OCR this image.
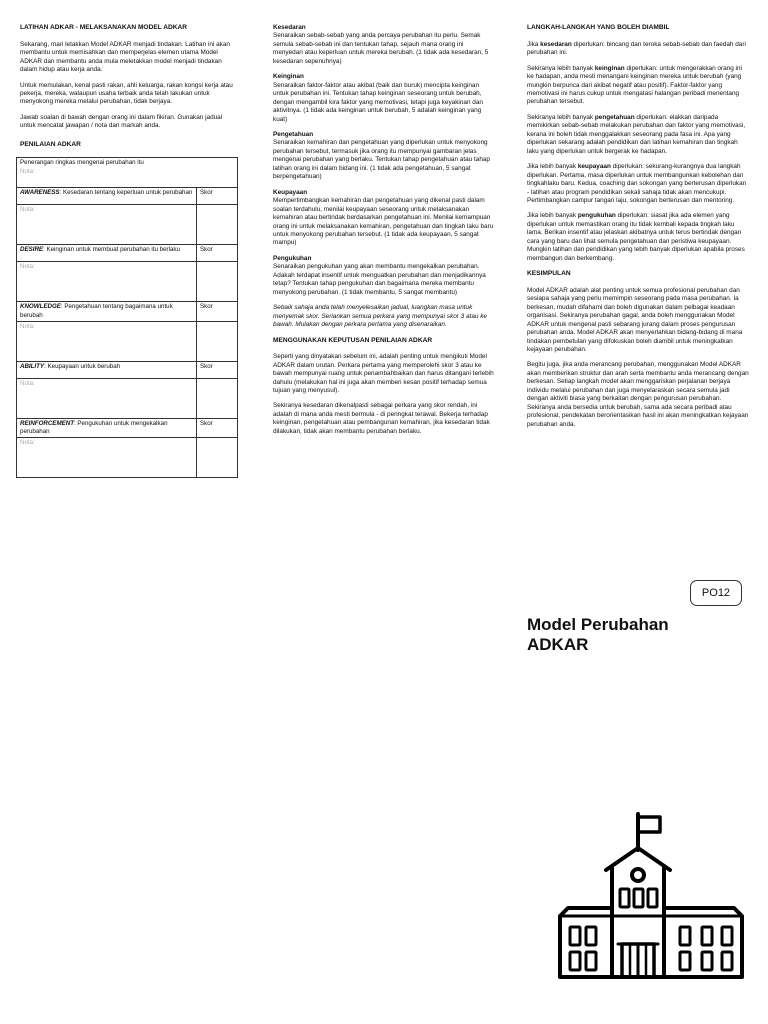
LATIHAN ADKAR - MELAKSANAKAN MODEL ADKAR

Sekarang, mari letakkan Model ADKAR menjadi tindakan. Latihan ini akan membantu untuk memisahkan dan memperjelas elemen utama Model ADKAR dan membantu anda mula meletakkan model menjadi tindakan dalam hidup atau kerja anda.

Untuk memulakan, kenal pasti rakan, ahli keluarga, rakan kongsi kerja atau pekerja, mereka, walaupun usaha terbaik anda telah lakukan untuk menyokong mereka melalui perubahan, tidak berjaya.

Jawab soalan di bawah dengan orang ini dalam fikiran. Gunakan jadual untuk mencatat jawapan / nota dan markah anda.

PENILAIAN ADKAR
Penerangan ringkas mengenai perubahan itu
Nota:	

AWARENESS: Kesedaran tentang keperluan untuk perubahan	Skor

Nota:	

DESIRE: Keinginan untuk membuat perubahan itu berlaku	Skor

Nota:	

KNOWLEDGE: Pengetahuan tentang bagaimana untuk berubah	Skor

Nota:	

ABILITY: Keupayaan untuk berubah	Skor

Nota:	

REINFORCEMENT: Pengukuhan untuk mengekalkan perubahan	Skor

Nota:	

Kesedaran

Senaraikan sebab-sebab yang anda percaya perubahan itu perlu. Semak semula sebab-sebab ini dan tentukan tahap, sejauh mana orang ini menyedari atau keperluan untuk mereka berubah. (1 tidak ada kesedaran, 5 kesedaran sepenuhnya)

Keinginan

Senaraikan faktor-faktor atau akibat (baik dan buruk) mencipta keinginan untuk perubahan ini. Tentukan tahap keinginan seseorang untuk berubah, dengan mengambil kira faktor yang memotivasi, tetapi juga keyakinan dan aktivitnya. (1 tidak ada keinginan untuk berubah, 5 adalah keinginan yang kuat)

Pengetahuan

Senaraikan kemahiran dan pengetahuan yang diperlukan untuk menyokong perubahan tersebut, termasuk jika orang itu mempunyai gambaran jelas mengenai perubahan yang berlaku. Tentukan tahap pengetahuan atau tahap latihan orang ini dalam bidang ini. (1 tidak ada pengetahuan, 5 sangat berpengetahuan)

Keupayaan

Mempertimbangkan kemahiran dan pengetahuan yang dikenal pasti dalam soalan terdahulu, menilai keupayaan seseorang untuk melaksanakan kemahiran atau bertindak berdasarkan pengetahuan ini. Menilai kemampuan orang ini untuk melaksanakan kemahiran, pengetahuan dan tingkah laku baru untuk menyokong perubahan tersebut. (1 tidak ada keupayaan, 5 sangat mampu)

Pengukuhan

Senaraikan pengukuhan yang akan membantu mengekalkan perubahan. Adakah terdapat insentif untuk menguatkan perubahan dan menjadikannya tetap? Tentukan tahap pengukuhan dan bagaimana mereka membantu menyokong perubahan. (1 tidak membantu, 5 sangat membantu)

Sebaik sahaja anda telah menyelesaikan jadual, luangkan masa untuk menyemak skor. Seriankan semua perkara yang mempunyai skor 3 atau ke bawah. Mulakan dengan perkara pertama yang disenaraikan.

MENGGUNAKAN KEPUTUSAN PENILAIAN ADKAR

Seperti yang dinyatakan sebelum ini, adalah penting untuk mengikuti Model ADKAR dalam urutan. Perkara pertama yang memperolehi skor 3 atau ke bawah mempunyai ruang untuk penambahbaikan dan harus ditangani terlebih dahulu (melakukan hal ini juga akan memberi kesan positif terhadap semua tujuan yang menyusul).

Sekiranya kesedaran dikenalpasti sebagai perkara yang skor rendah, ini adalah di mana anda mesti bermula - di peringkat terawal. Bekerja terhadap keinginan, pengetahuan atau pembangunan kemahiran, jika kesedaran tidak dilakukan, tidak akan membantu perubahan berlaku.

LANGKAH-LANGKAH YANG BOLEH DIAMBIL

Jika kesedaran diperlukan: bincang dan teroka sebab-sebab dan faedah dari perubahan ini.

Sekiranya lebih banyak keinginan diperlukan: untuk mengerakkan orang ini ke hadapan, anda mesti menangani keinginan mereka untuk berubah (yang mungkin berpunca dari akibat negatif atau positif). Faktor-faktor yang memotivasi ini harus cukup untuk mengatasi halangan peribadi menentang perubahan tersebut.

Sekiranya lebih banyak pengetahuan diperlukan: elakkan daripada memikirkan sebab-sebab melakukan perubahan dan faktor yang memotivasi, kerana ini boleh tidak menggalakkan seseorang pada fasa ini. Apa yang diperlukan sekarang adalah pendidikan dan latihan kemahiran dan tingkah laku yang diperlukan untuk bergerak ke hadapan.

Jika lebih banyak keupayaan diperlukan: sekurang-kurangnya dua langkah diperlukan. Pertama, masa diperlukan untuk membangunkan kebolehan dan tingkahlaku baru. Kedua, coaching dan sokongan yang berterusan diperlukan - latihan atau program pendidikan sekali sahaja tidak akan mencukupi. Pertimbangkan campur tangan laju, sokongan berterusan dan mentoring.

Jika lebih banyak pengukuhan diperlukan: siasat jika ada elemen yang diperlukan untuk memastikan orang itu tidak kembali kepada tingkah laku lama. Berikan insentif atau jelaskan akibatnya untuk terus bertindak dengan cara yang baru dan lihat semula pengetahuan dan peristiwa keupayaan. Mungkin latihan dan pendidikan yang lebih banyak diperlukan apabila proses membangun dan berkembang.

KESIMPULAN

Model ADKAR adalah alat penting untuk semua profesional perubahan dan sesiapa sahaja yang perlu memimpin seseorang pada masa perubahan. Ia berkesan, mudah difahami dan boleh digunakan dalam pelbagai keadaan organisasi. Sekiranya perubahan gagal, anda boleh menggunakan Model ADKAR untuk mengenal pasti sebarang jurang dalam proses pengurusan perubahan anda. Model ADKAR akan menyerlahkan bidang-bidang di mana tindakan pembetulan yang difokuskan boleh diambil untuk meningkatkan kejayaan perubahan.

Begitu juga, jika anda merancang perubahan, menggunakan Model ADKAR akan memberikan struktur dan arah serta membantu anda merancang dengan berkesan. Setiap langkah model akan menggariskan perjalanan berjaya individu melalui perubahan dan juga menyelaraskan secara semula jadi dengan aktiviti biasa yang berkaitan dengan pengurusan perubahan. Sekiranya anda bersedia untuk berubah, sama ada secara peribadi atau profesional, pendekatan berorientasikan hasil ini akan meningkatkan kejayaan perubahan anda.

PO12
Model Perubahan ADKAR
